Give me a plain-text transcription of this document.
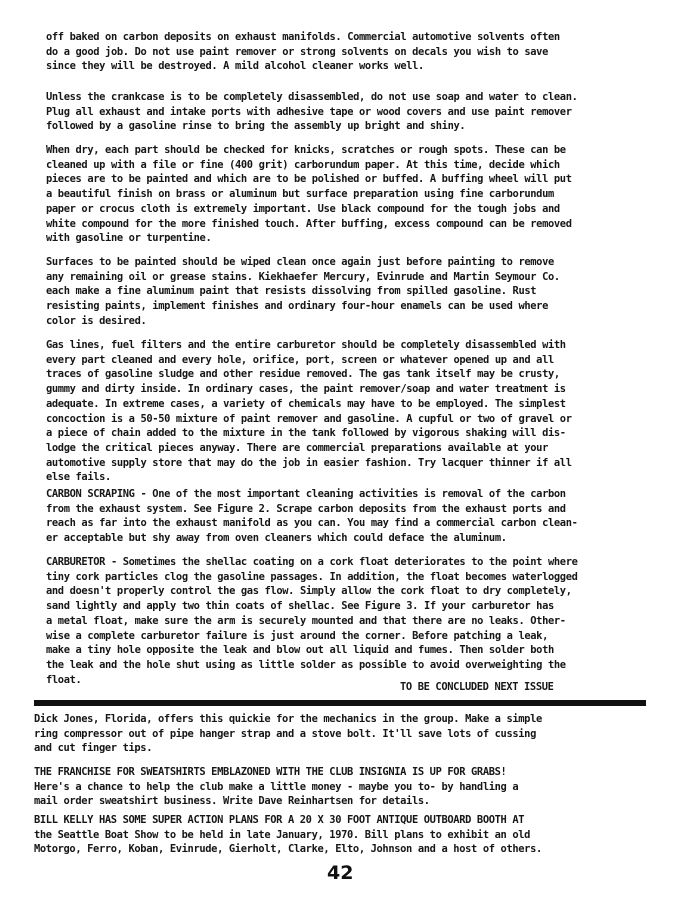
off baked on carbon deposits on exhaust manifolds. Commercial automotive solvents often
do a good job. Do not use paint remover or strong solvents on decals you wish to save
since they will be destroyed. A mild alcohol cleaner works well.

Unless the crankcase is to be completely disassembled, do not use soap and water to clean.
Plug all exhaust and intake ports with adhesive tape or wood covers and use paint remover
followed by a gasoline rinse to bring the assembly up bright and shiny.

When dry, each part should be checked for knicks, scratches or rough spots. These can be
cleaned up with a file or fine (400 grit) carborundum paper. At this time, decide which
pieces are to be painted and which are to be polished or buffed. A buffing wheel will put
a beautiful finish on brass or aluminum but surface preparation using fine carborundum
paper or crocus cloth is extremely important. Use black compound for the tough jobs and
white compound for the more finished touch. After buffing, excess compound can be removed
with gasoline or turpentine.

Surfaces to be painted should be wiped clean once again just before painting to remove
any remaining oil or grease stains. Kiekhaefer Mercury, Evinrude and Martin Seymour Co.
each make a fine aluminum paint that resists dissolving from spilled gasoline. Rust
resisting paints, implement finishes and ordinary four-hour enamels can be used where
color is desired.

Gas lines, fuel filters and the entire carburetor should be completely disassembled with
every part cleaned and every hole, orifice, port, screen or whatever opened up and all
traces of gasoline sludge and other residue removed. The gas tank itself may be crusty,
gummy and dirty inside. In ordinary cases, the paint remover/soap and water treatment is
adequate. In extreme cases, a variety of chemicals may have to be employed. The simplest
concoction is a 50-50 mixture of paint remover and gasoline. A cupful or two of gravel or
a piece of chain added to the mixture in the tank followed by vigorous shaking will dis-
lodge the critical pieces anyway. There are commercial preparations available at your
automotive supply store that may do the job in easier fashion. Try lacquer thinner if all
else fails.

CARBON SCRAPING - One of the most important cleaning activities is removal of the carbon
from the exhaust system. See Figure 2. Scrape carbon deposits from the exhaust ports and
reach as far into the exhaust manifold as you can. You may find a commercial carbon clean-
er acceptable but shy away from oven cleaners which could deface the aluminum.

CARBURETOR - Sometimes the shellac coating on a cork float deteriorates to the point where
tiny cork particles clog the gasoline passages. In addition, the float becomes waterlogged
and doesn't properly control the gas flow. Simply allow the cork float to dry completely,
sand lightly and apply two thin coats of shellac. See Figure 3. If your carburetor has
a metal float, make sure the arm is securely mounted and that there are no leaks. Other-
wise a complete carburetor failure is just around the corner. Before patching a leak,
make a tiny hole opposite the leak and blow out all liquid and fumes. Then solder both
the leak and the hole shut using as little solder as possible to avoid overweighting the
float.

TO BE CONCLUDED NEXT ISSUE

Dick Jones, Florida, offers this quickie for the mechanics in the group. Make a simple
ring compressor out of pipe hanger strap and a stove bolt. It'll save lots of cussing
and cut finger tips.

THE FRANCHISE FOR SWEATSHIRTS EMBLAZONED WITH THE CLUB INSIGNIA IS UP FOR GRABS!
Here's a chance to help the club make a little money - maybe you to- by handling a
mail order sweatshirt business. Write Dave Reinhartsen for details.

BILL KELLY HAS SOME SUPER ACTION PLANS FOR A 20 X 30 FOOT ANTIQUE OUTBOARD BOOTH AT
the Seattle Boat Show to be held in late January, 1970. Bill plans to exhibit an old
Motorgo, Ferro, Koban, Evinrude, Gierholt, Clarke, Elto, Johnson and a host of others.

42
